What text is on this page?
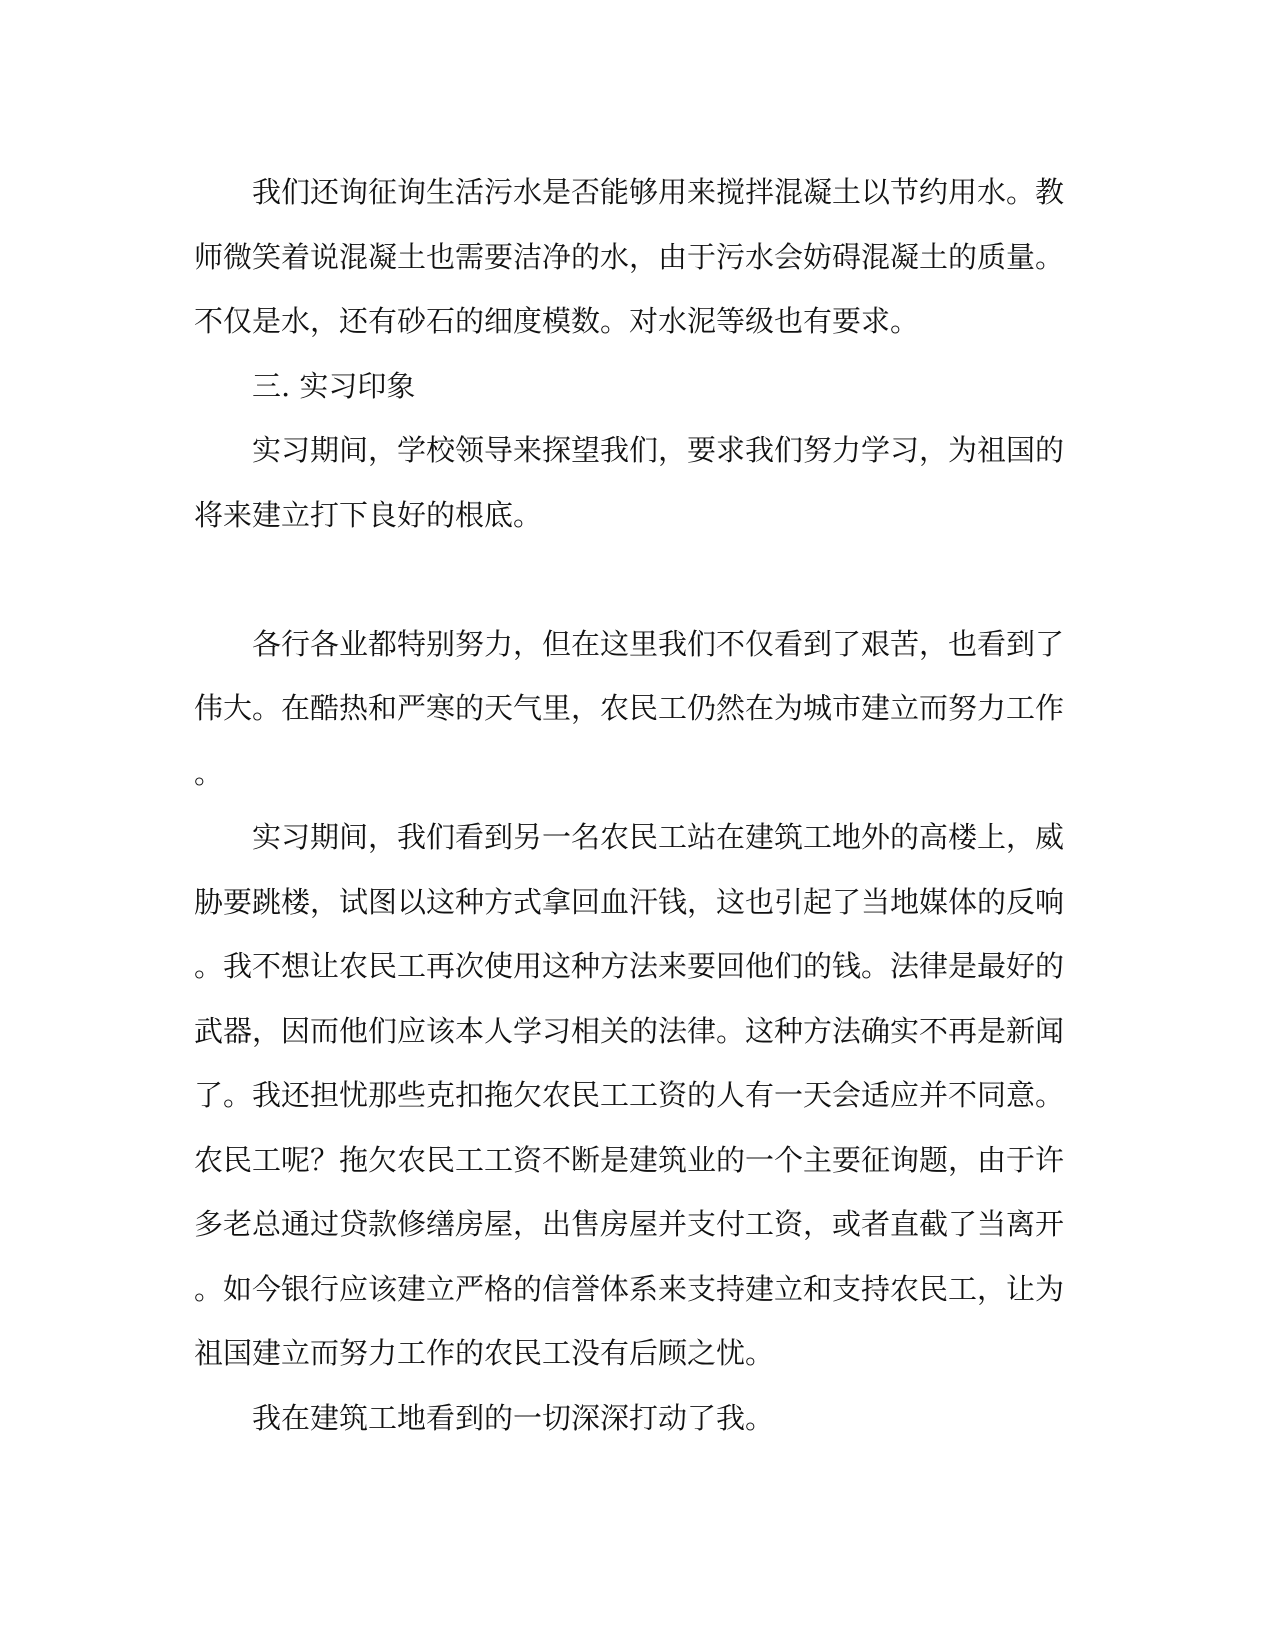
我们还询征询生活污水是否能够用来搅拌混凝土以节约用水。教
师微笑着说混凝土也需要洁净的水，由于污水会妨碍混凝土的质量。
不仅是水，还有砂石的细度模数。对水泥等级也有要求。
三. 实习印象
实习期间，学校领导来探望我们，要求我们努力学习，为祖国的
将来建立打下良好的根底。
各行各业都特别努力，但在这里我们不仅看到了艰苦，也看到了
伟大。在酷热和严寒的天气里，农民工仍然在为城市建立而努力工作
。
实习期间，我们看到另一名农民工站在建筑工地外的高楼上，威
胁要跳楼，试图以这种方式拿回血汗钱，这也引起了当地媒体的反响
。我不想让农民工再次使用这种方法来要回他们的钱。法律是最好的
武器，因而他们应该本人学习相关的法律。这种方法确实不再是新闻
了。我还担忧那些克扣拖欠农民工工资的人有一天会适应并不同意。
农民工呢？拖欠农民工工资不断是建筑业的一个主要征询题，由于许
多老总通过贷款修缮房屋，出售房屋并支付工资，或者直截了当离开
。如今银行应该建立严格的信誉体系来支持建立和支持农民工，让为
祖国建立而努力工作的农民工没有后顾之忧。
我在建筑工地看到的一切深深打动了我。
